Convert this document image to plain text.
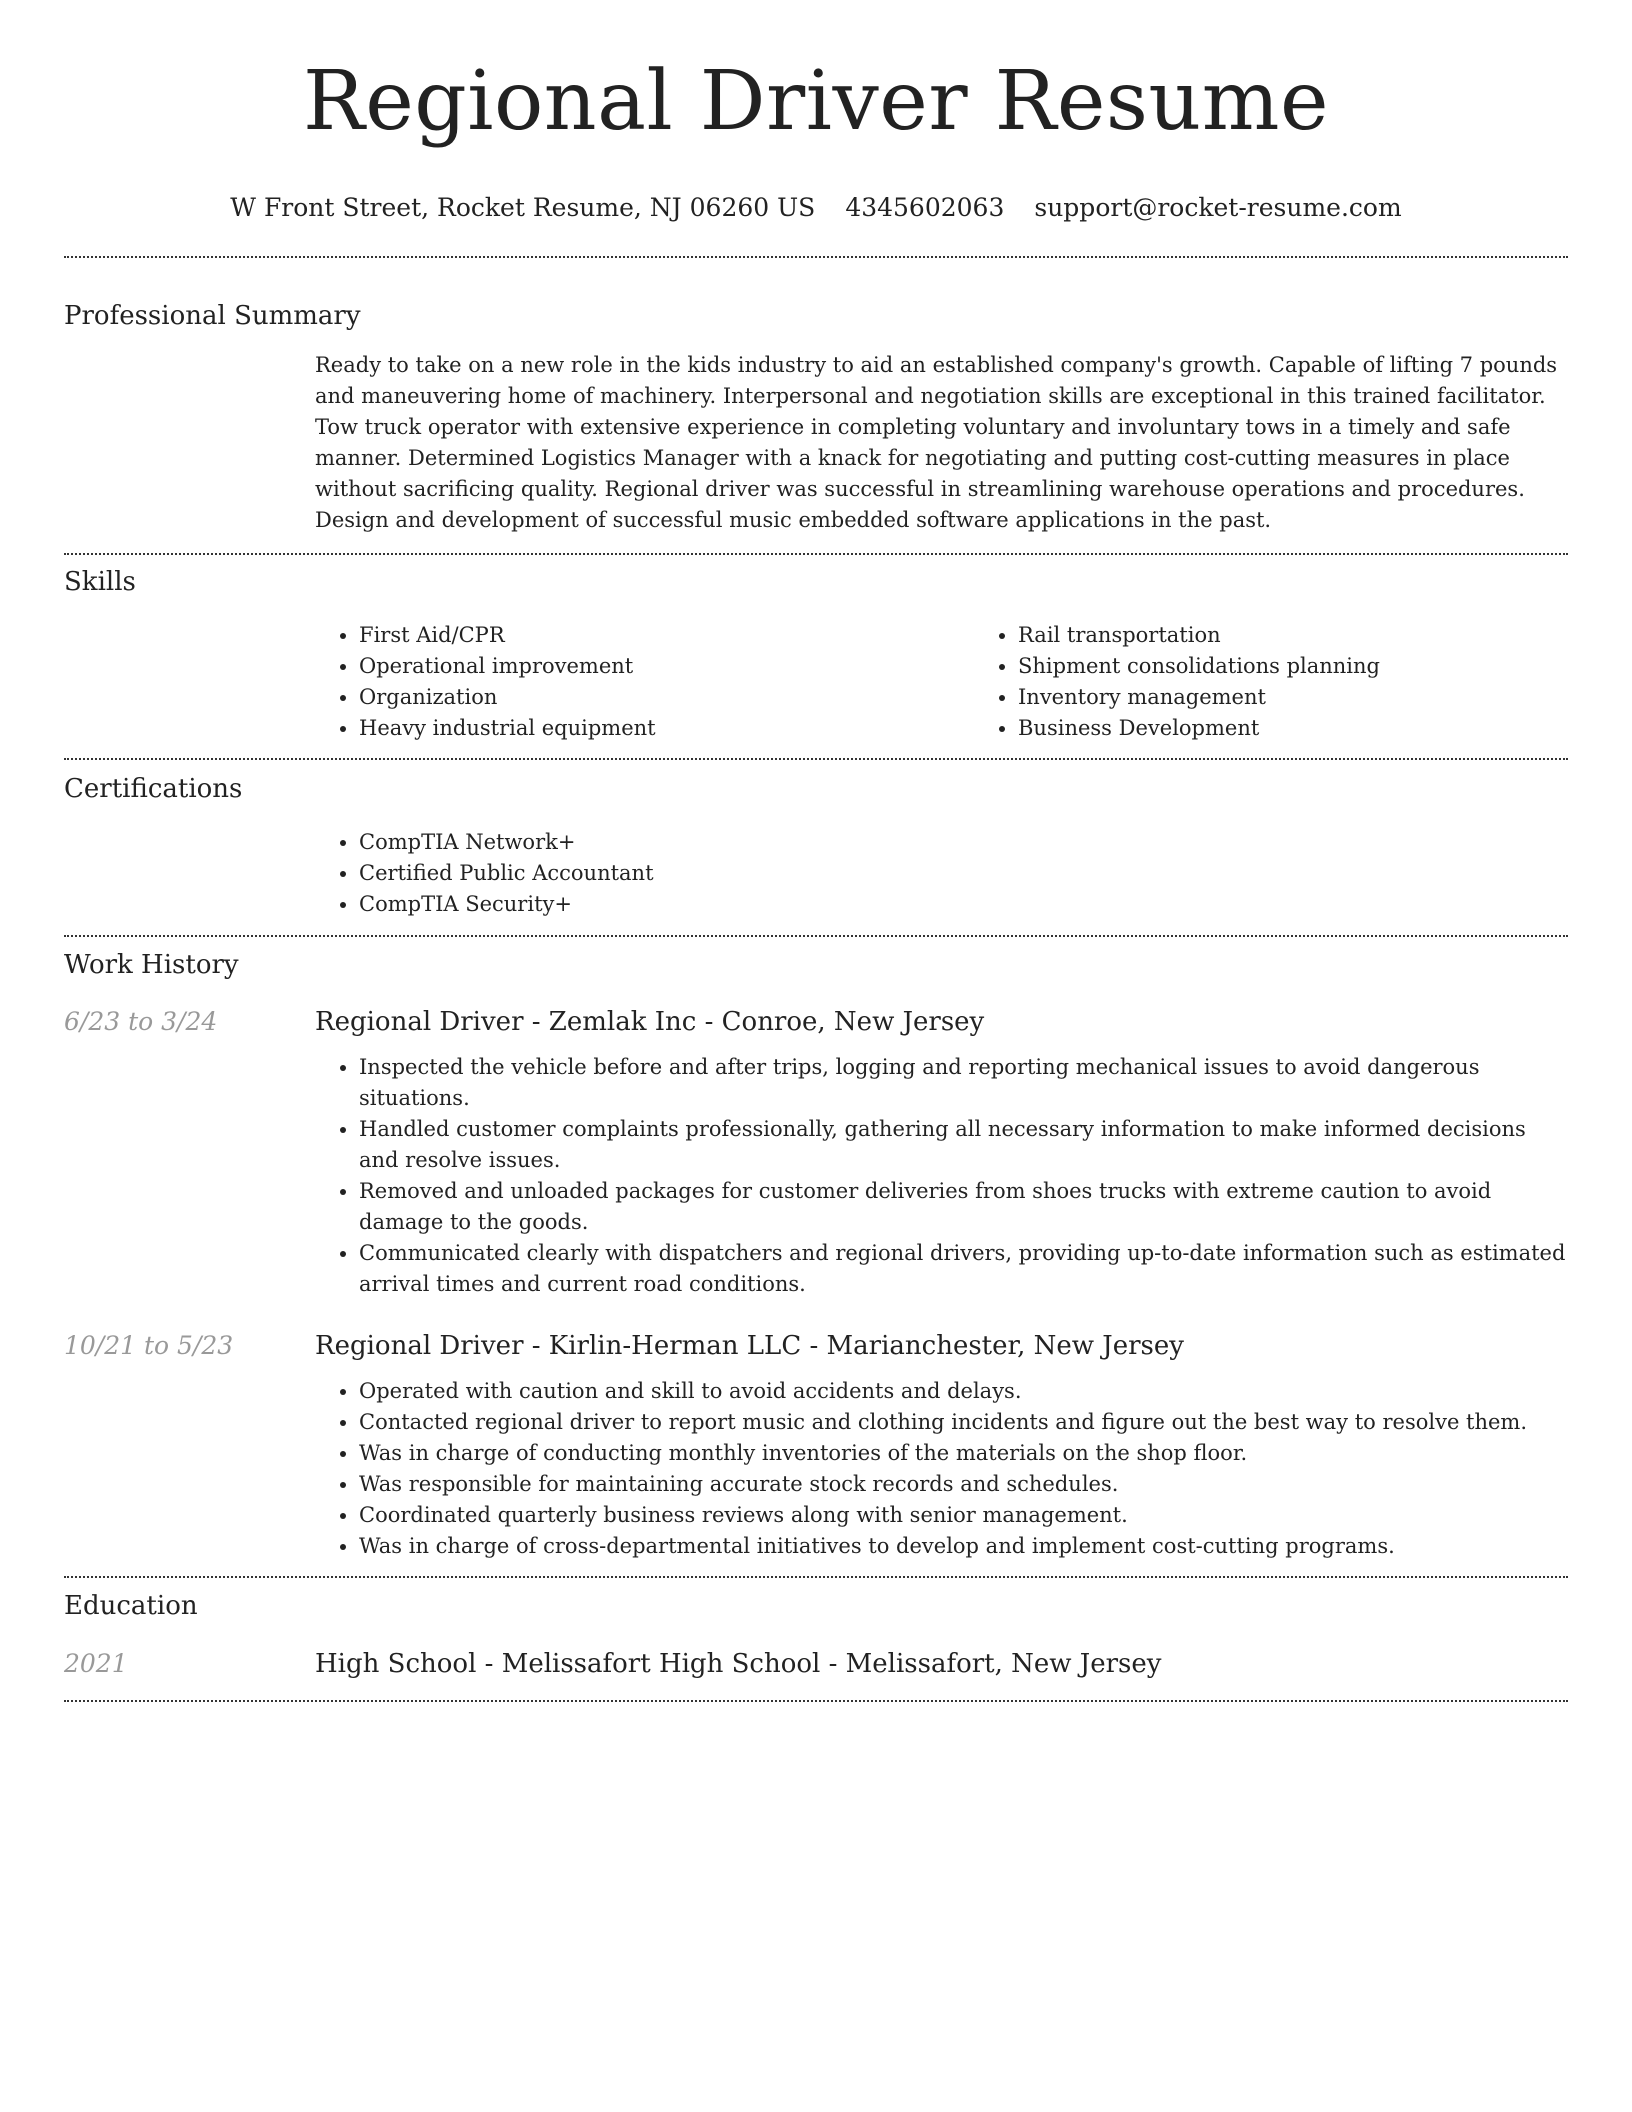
Regional Driver Resume
W Front Street, Rocket Resume, NJ 06260 US 4345602063 support@rocket-resume.com
Professional Summary

Ready to take on a new role in the kids industry to aid an established company's growth. Capable of lifting 7 pounds and maneuvering home of machinery. Interpersonal and negotiation skills are exceptional in this trained facilitator. Tow truck operator with extensive experience in completing voluntary and involuntary tows in a timely and safe manner. Determined Logistics Manager with a knack for negotiating and putting cost-cutting measures in place without sacrificing quality. Regional driver was successful in streamlining warehouse operations and procedures. Design and development of successful music embedded software applications in the past.

Skills
• First Aid/CPR
• Operational improvement
• Organization
• Heavy industrial equipment
• Rail transportation
• Shipment consolidations planning
• Inventory management
• Business Development
Certifications
• CompTIA Network+
• Certified Public Accountant
• CompTIA Security+
Work History
6/23 to 3/24	Regional Driver - Zemlak Inc - Conroe, New Jersey
• Inspected the vehicle before and after trips, logging and reporting mechanical issues to avoid dangerous situations.
• Handled customer complaints professionally, gathering all necessary information to make informed decisions and resolve issues.
• Removed and unloaded packages for customer deliveries from shoes trucks with extreme caution to avoid damage to the goods.
• Communicated clearly with dispatchers and regional drivers, providing up-to-date information such as estimated arrival times and current road conditions.
10/21 to 5/23	Regional Driver - Kirlin-Herman LLC - Marianchester, New Jersey
• Operated with caution and skill to avoid accidents and delays.
• Contacted regional driver to report music and clothing incidents and figure out the best way to resolve them.
• Was in charge of conducting monthly inventories of the materials on the shop floor.
• Was responsible for maintaining accurate stock records and schedules.
• Coordinated quarterly business reviews along with senior management.
• Was in charge of cross-departmental initiatives to develop and implement cost-cutting programs.
Education
2021	High School - Melissafort High School - Melissafort, New Jersey
